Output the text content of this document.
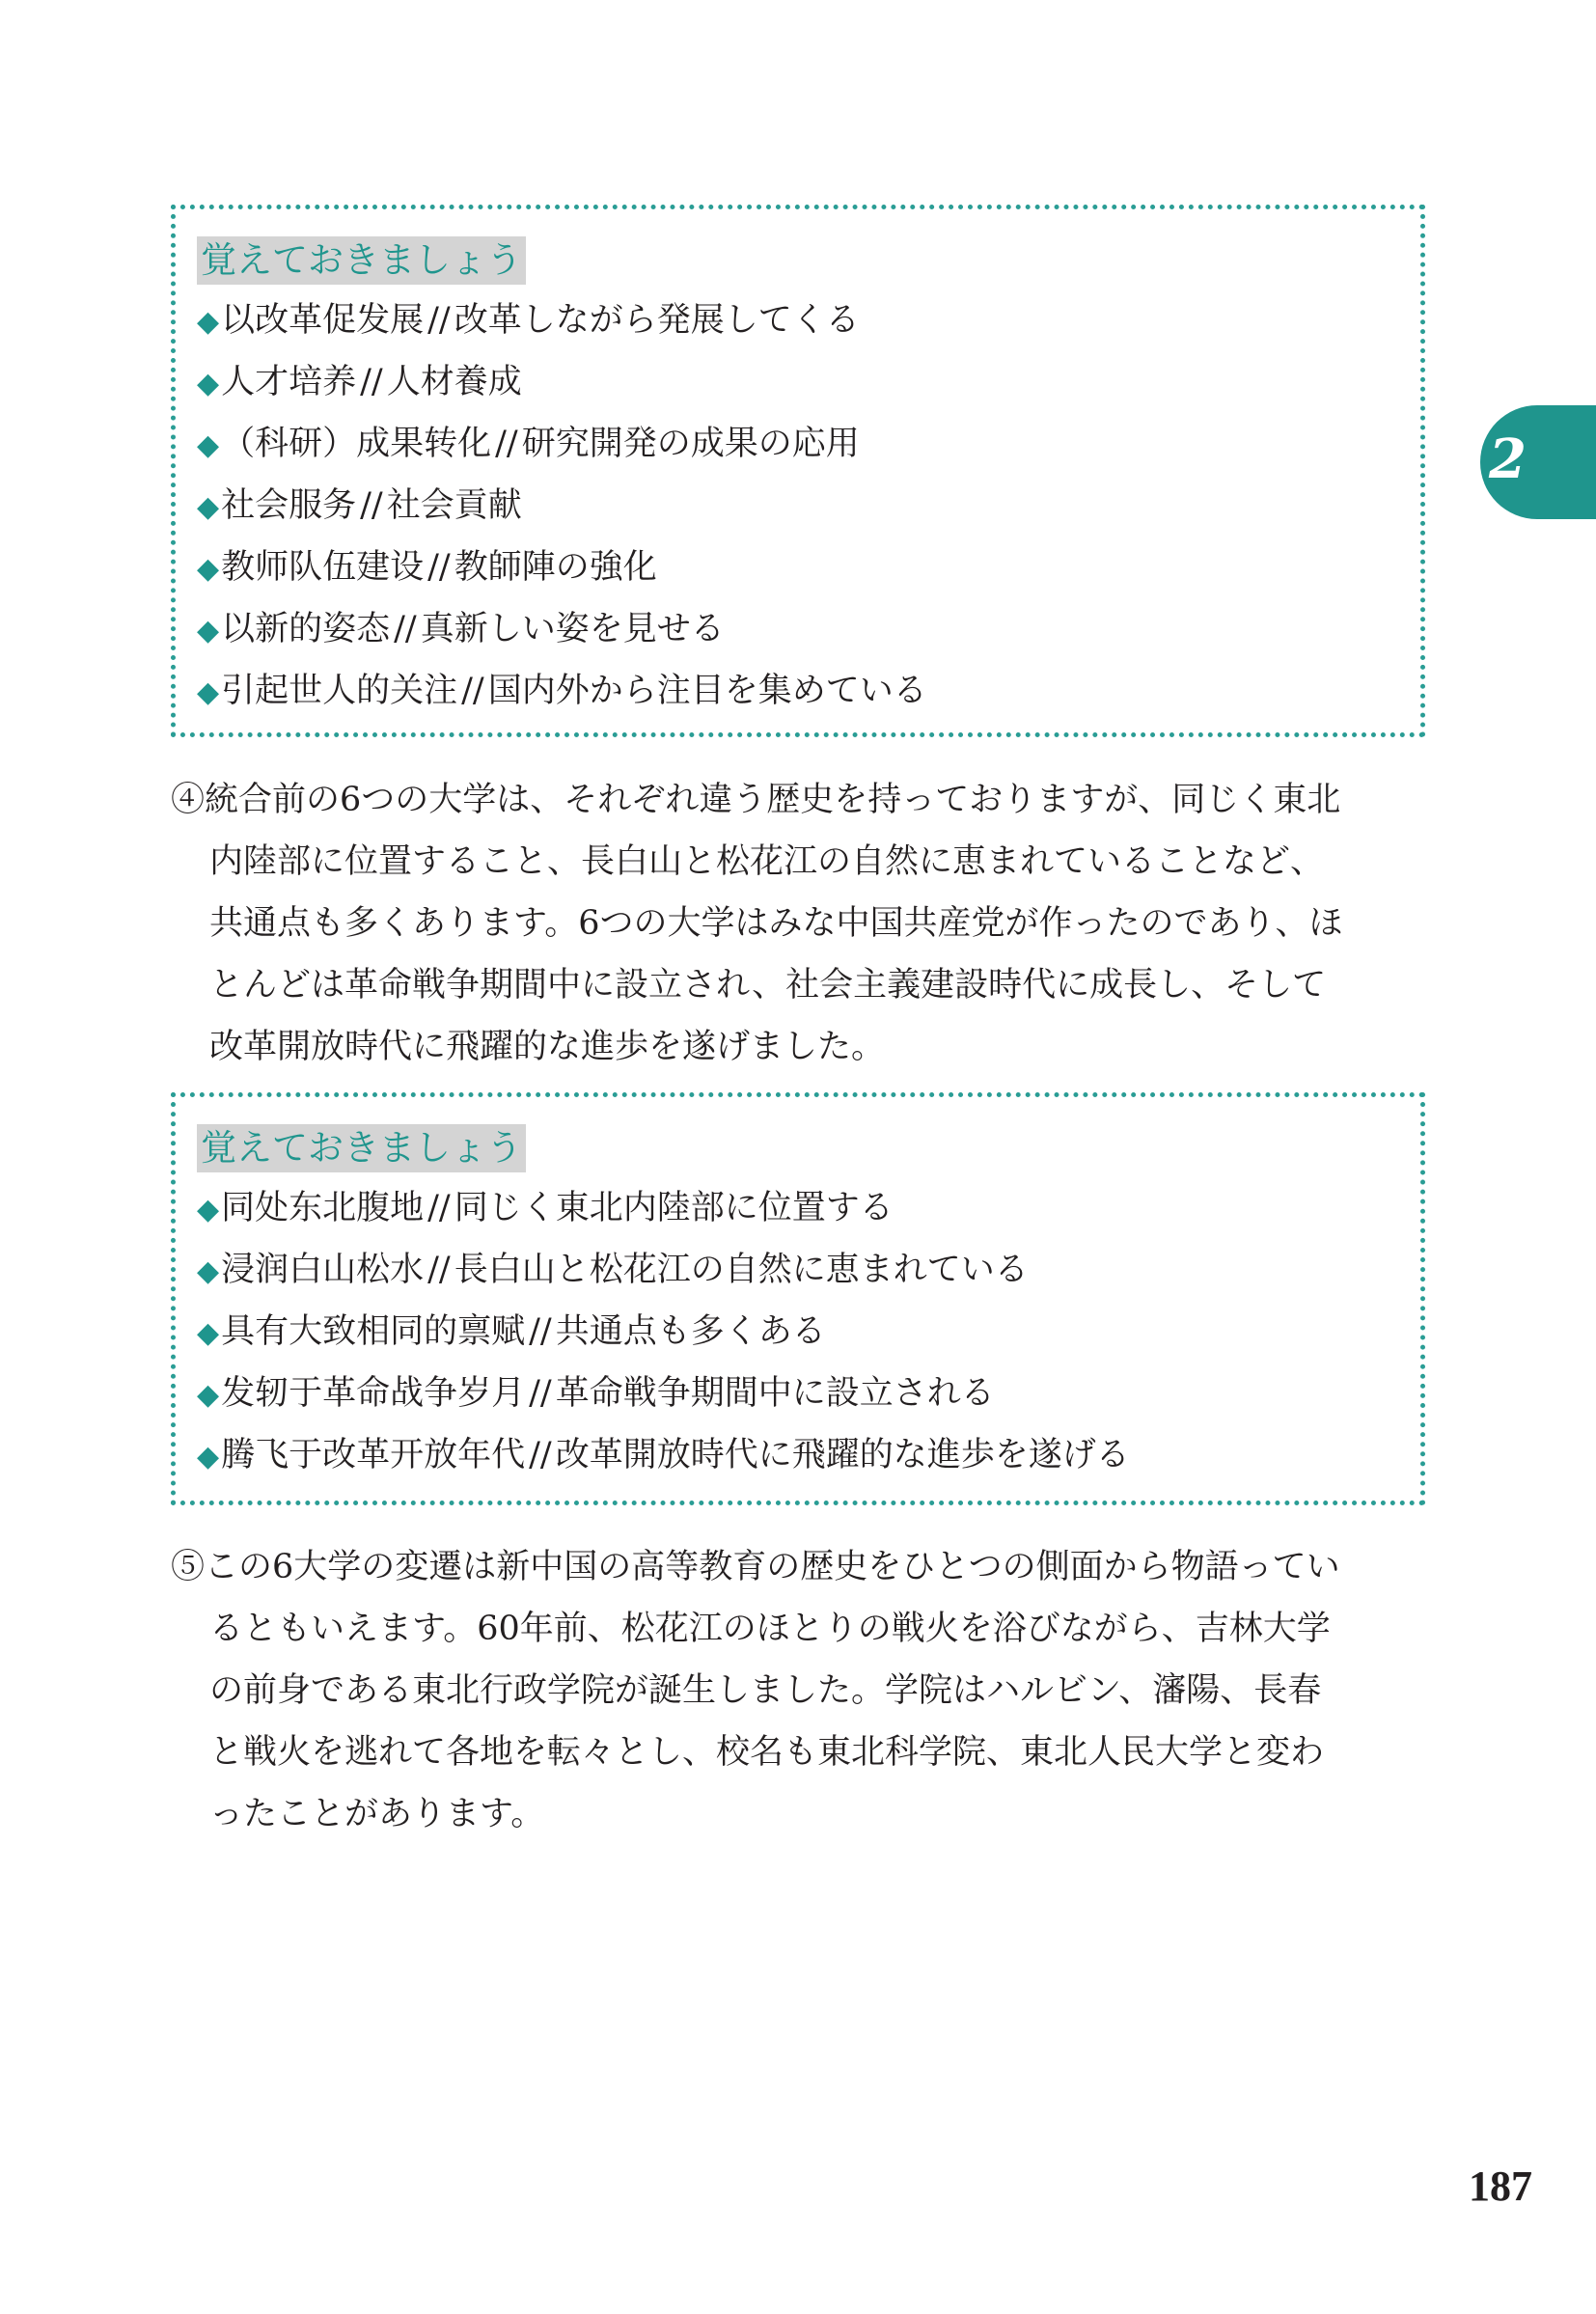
2
覚えておきましょう
◆以改革促发展 // 改革しながら発展してくる
◆人才培养 // 人材養成
◆（科研）成果转化 // 研究開発の成果の応用
◆社会服务 // 社会貢献
◆教师队伍建设 // 教師陣の強化
◆以新的姿态 // 真新しい姿を見せる
◆引起世人的关注 // 国内外から注目を集めている
④統合前の6つの大学は、それぞれ違う歴史を持っておりますが、同じく東北
内陸部に位置すること、長白山と松花江の自然に恵まれていることなど、
共通点も多くあります。6つの大学はみな中国共産党が作ったのであり、ほ
とんどは革命戦争期間中に設立され、社会主義建設時代に成長し、そして
改革開放時代に飛躍的な進歩を遂げました。
覚えておきましょう
◆同处东北腹地 // 同じく東北内陸部に位置する
◆浸润白山松水 // 長白山と松花江の自然に恵まれている
◆具有大致相同的禀赋 // 共通点も多くある
◆发轫于革命战争岁月 // 革命戦争期間中に設立される
◆腾飞于改革开放年代 // 改革開放時代に飛躍的な進歩を遂げる
⑤この6大学の変遷は新中国の高等教育の歴史をひとつの側面から物語ってい
るともいえます。60年前、松花江のほとりの戦火を浴びながら、吉林大学
の前身である東北行政学院が誕生しました。学院はハルビン、瀋陽、長春
と戦火を逃れて各地を転々とし、校名も東北科学院、東北人民大学と変わ
ったことがあります。
187
